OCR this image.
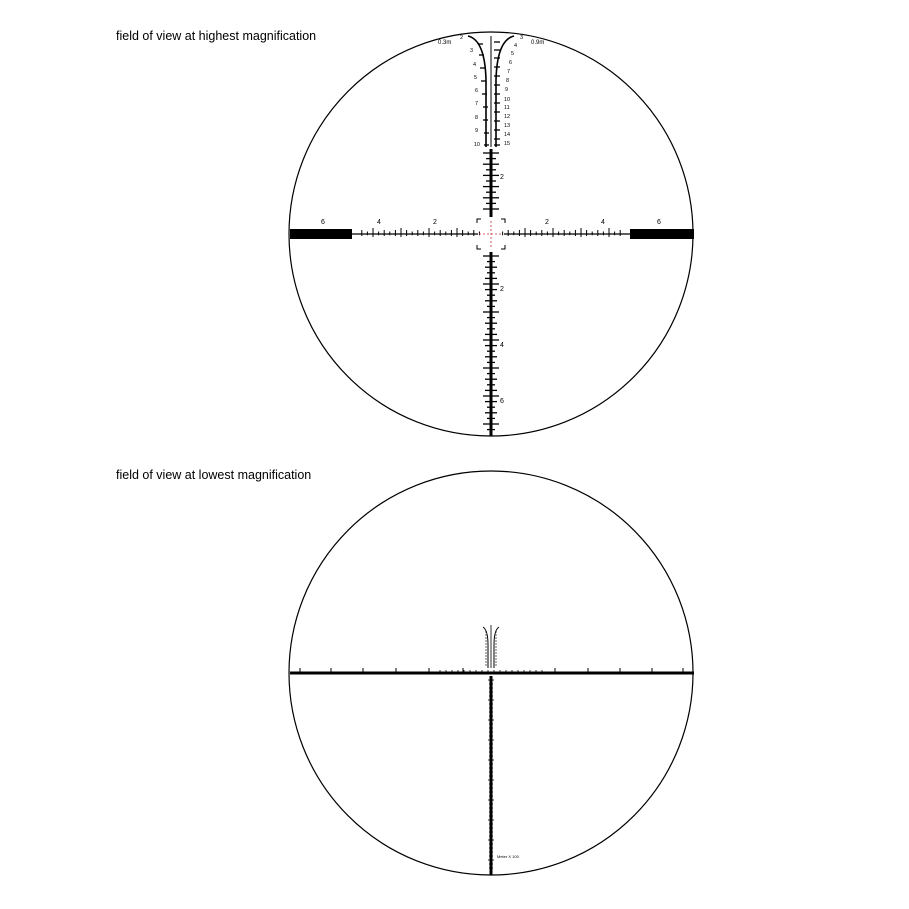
field of view at highest magnification
field of view at lowest magnification
6	4	2	2	4	6
2
2
4
6
0.3m	0.9m
2
3
4
5
6
7
8
9
10
3
4
5
6
7
8
9
10
11
12
13
14
15
Meter X 100
